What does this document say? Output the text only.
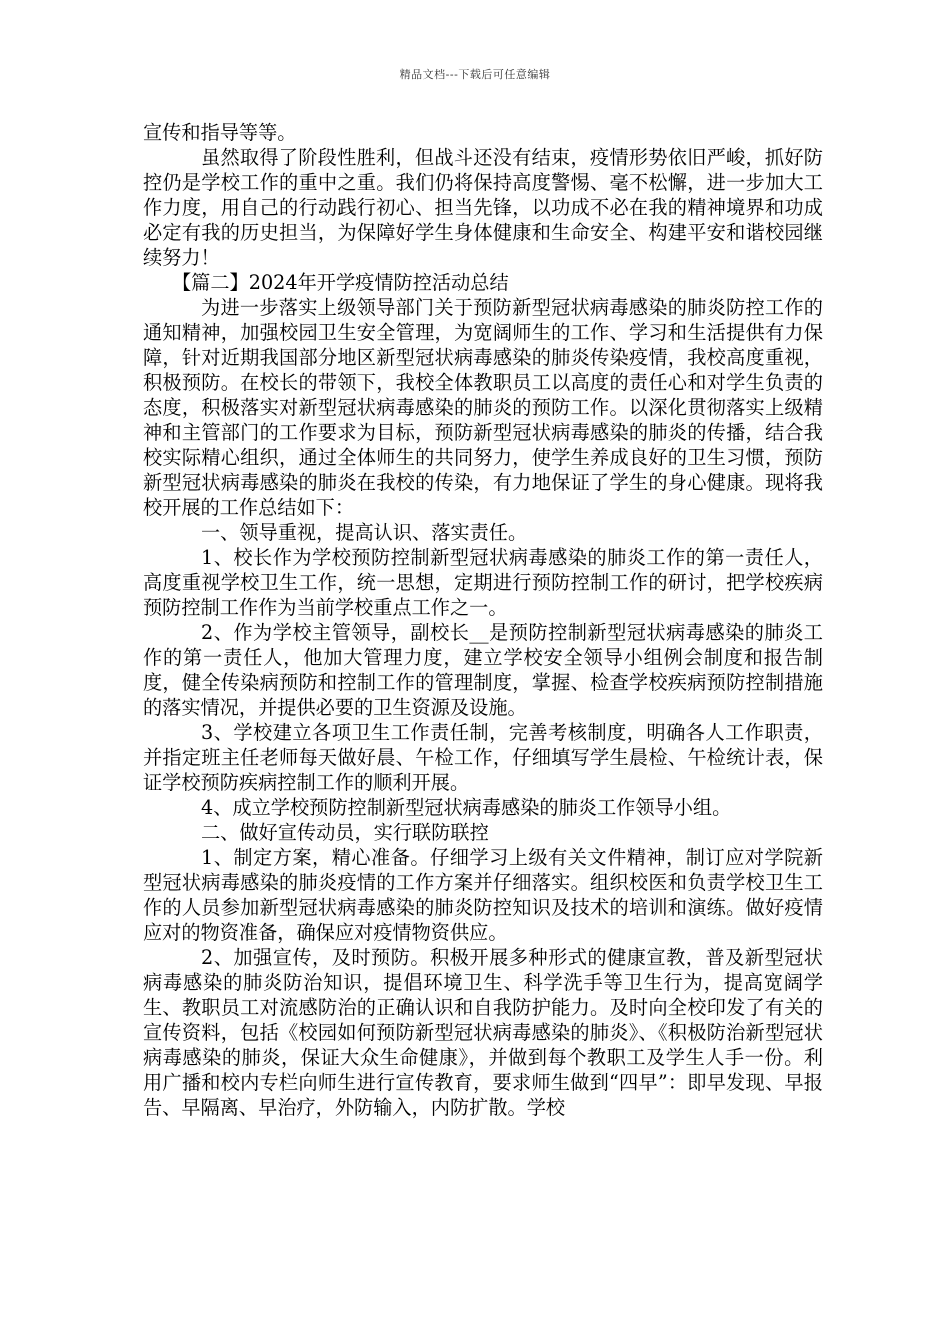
精品文档---下载后可任意编辑

宣传和指导等等。

虽然取得了阶段性胜利，但战斗还没有结束，疫情形势依旧严峻，抓好防控仍是学校工作的重中之重。我们仍将保持高度警惕、毫不松懈，进一步加大工作力度，用自己的行动践行初心、担当先锋，以功成不必在我的精神境界和功成必定有我的历史担当，为保障好学生身体健康和生命安全、构建平安和谐校园继续努力！

【篇二】2024年开学疫情防控活动总结

为进一步落实上级领导部门关于预防新型冠状病毒感染的肺炎防控工作的通知精神，加强校园卫生安全管理，为宽阔师生的工作、学习和生活提供有力保障，针对近期我国部分地区新型冠状病毒感染的肺炎传染疫情，我校高度重视，积极预防。在校长的带领下，我校全体教职员工以高度的责任心和对学生负责的态度，积极落实对新型冠状病毒感染的肺炎的预防工作。以深化贯彻落实上级精神和主管部门的工作要求为目标，预防新型冠状病毒感染的肺炎的传播，结合我校实际精心组织，通过全体师生的共同努力，使学生养成良好的卫生习惯，预防新型冠状病毒感染的肺炎在我校的传染，有力地保证了学生的身心健康。现将我校开展的工作总结如下：

一、领导重视，提高认识、落实责任。

1、校长作为学校预防控制新型冠状病毒感染的肺炎工作的第一责任人，高度重视学校卫生工作，统一思想，定期进行预防控制工作的研讨，把学校疾病预防控制工作作为当前学校重点工作之一。

2、作为学校主管领导，副校长__是预防控制新型冠状病毒感染的肺炎工作的第一责任人，他加大管理力度，建立学校安全领导小组例会制度和报告制度，健全传染病预防和控制工作的管理制度，掌握、检查学校疾病预防控制措施的落实情况，并提供必要的卫生资源及设施。

3、学校建立各项卫生工作责任制，完善考核制度，明确各人工作职责，并指定班主任老师每天做好晨、午检工作，仔细填写学生晨检、午检统计表，保证学校预防疾病控制工作的顺利开展。

4、成立学校预防控制新型冠状病毒感染的肺炎工作领导小组。

二、做好宣传动员，实行联防联控

1、制定方案，精心准备。仔细学习上级有关文件精神，制订应对学院新型冠状病毒感染的肺炎疫情的工作方案并仔细落实。组织校医和负责学校卫生工作的人员参加新型冠状病毒感染的肺炎防控知识及技术的培训和演练。做好疫情应对的物资准备，确保应对疫情物资供应。

2、加强宣传，及时预防。积极开展多种形式的健康宣教，普及新型冠状病毒感染的肺炎防治知识，提倡环境卫生、科学洗手等卫生行为，提高宽阔学生、教职员工对流感防治的正确认识和自我防护能力。及时向全校印发了有关的宣传资料，包括《校园如何预防新型冠状病毒感染的肺炎》、《积极防治新型冠状病毒感染的肺炎，保证大众生命健康》，并做到每个教职工及学生人手一份。利用广播和校内专栏向师生进行宣传教育，要求师生做到“四早”：即早发现、早报告、早隔离、早治疗，外防输入，内防扩散。学校
